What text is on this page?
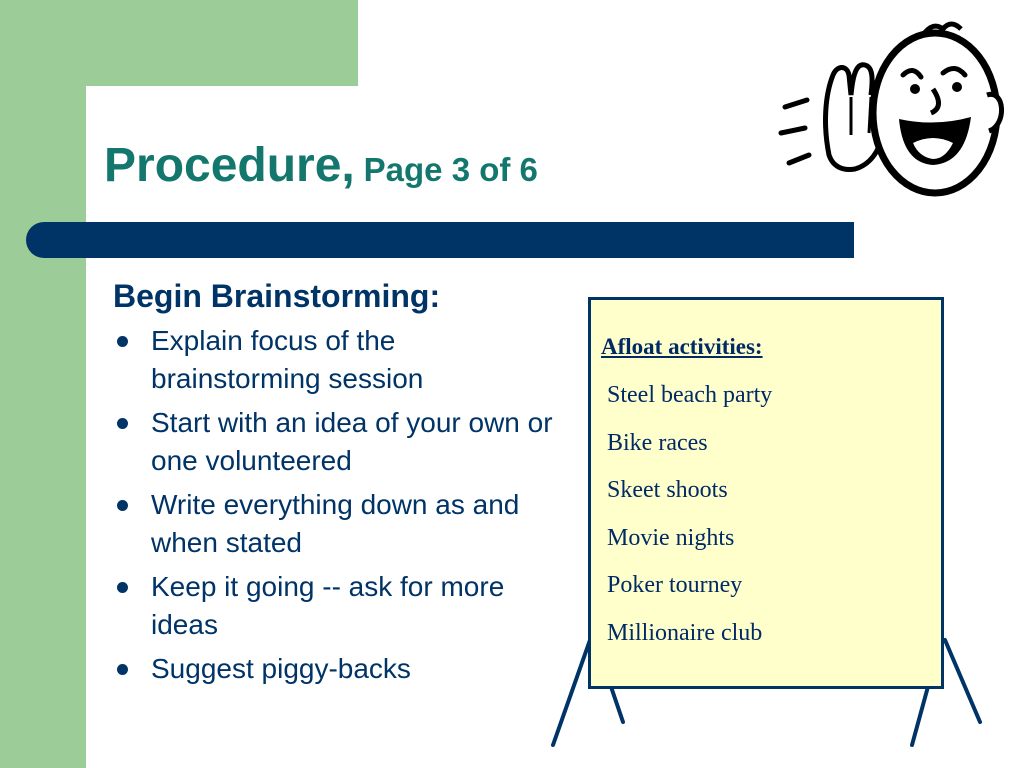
Procedure, Page 3 of 6
Begin Brainstorming:
Explain focus of the brainstorming session
Start with an idea of your own or one volunteered
Write everything down as and when stated
Keep it going -- ask for more ideas
Suggest piggy-backs
Afloat activities:
Steel beach party
Bike races
Skeet shoots
Movie nights
Poker tourney
Millionaire club
